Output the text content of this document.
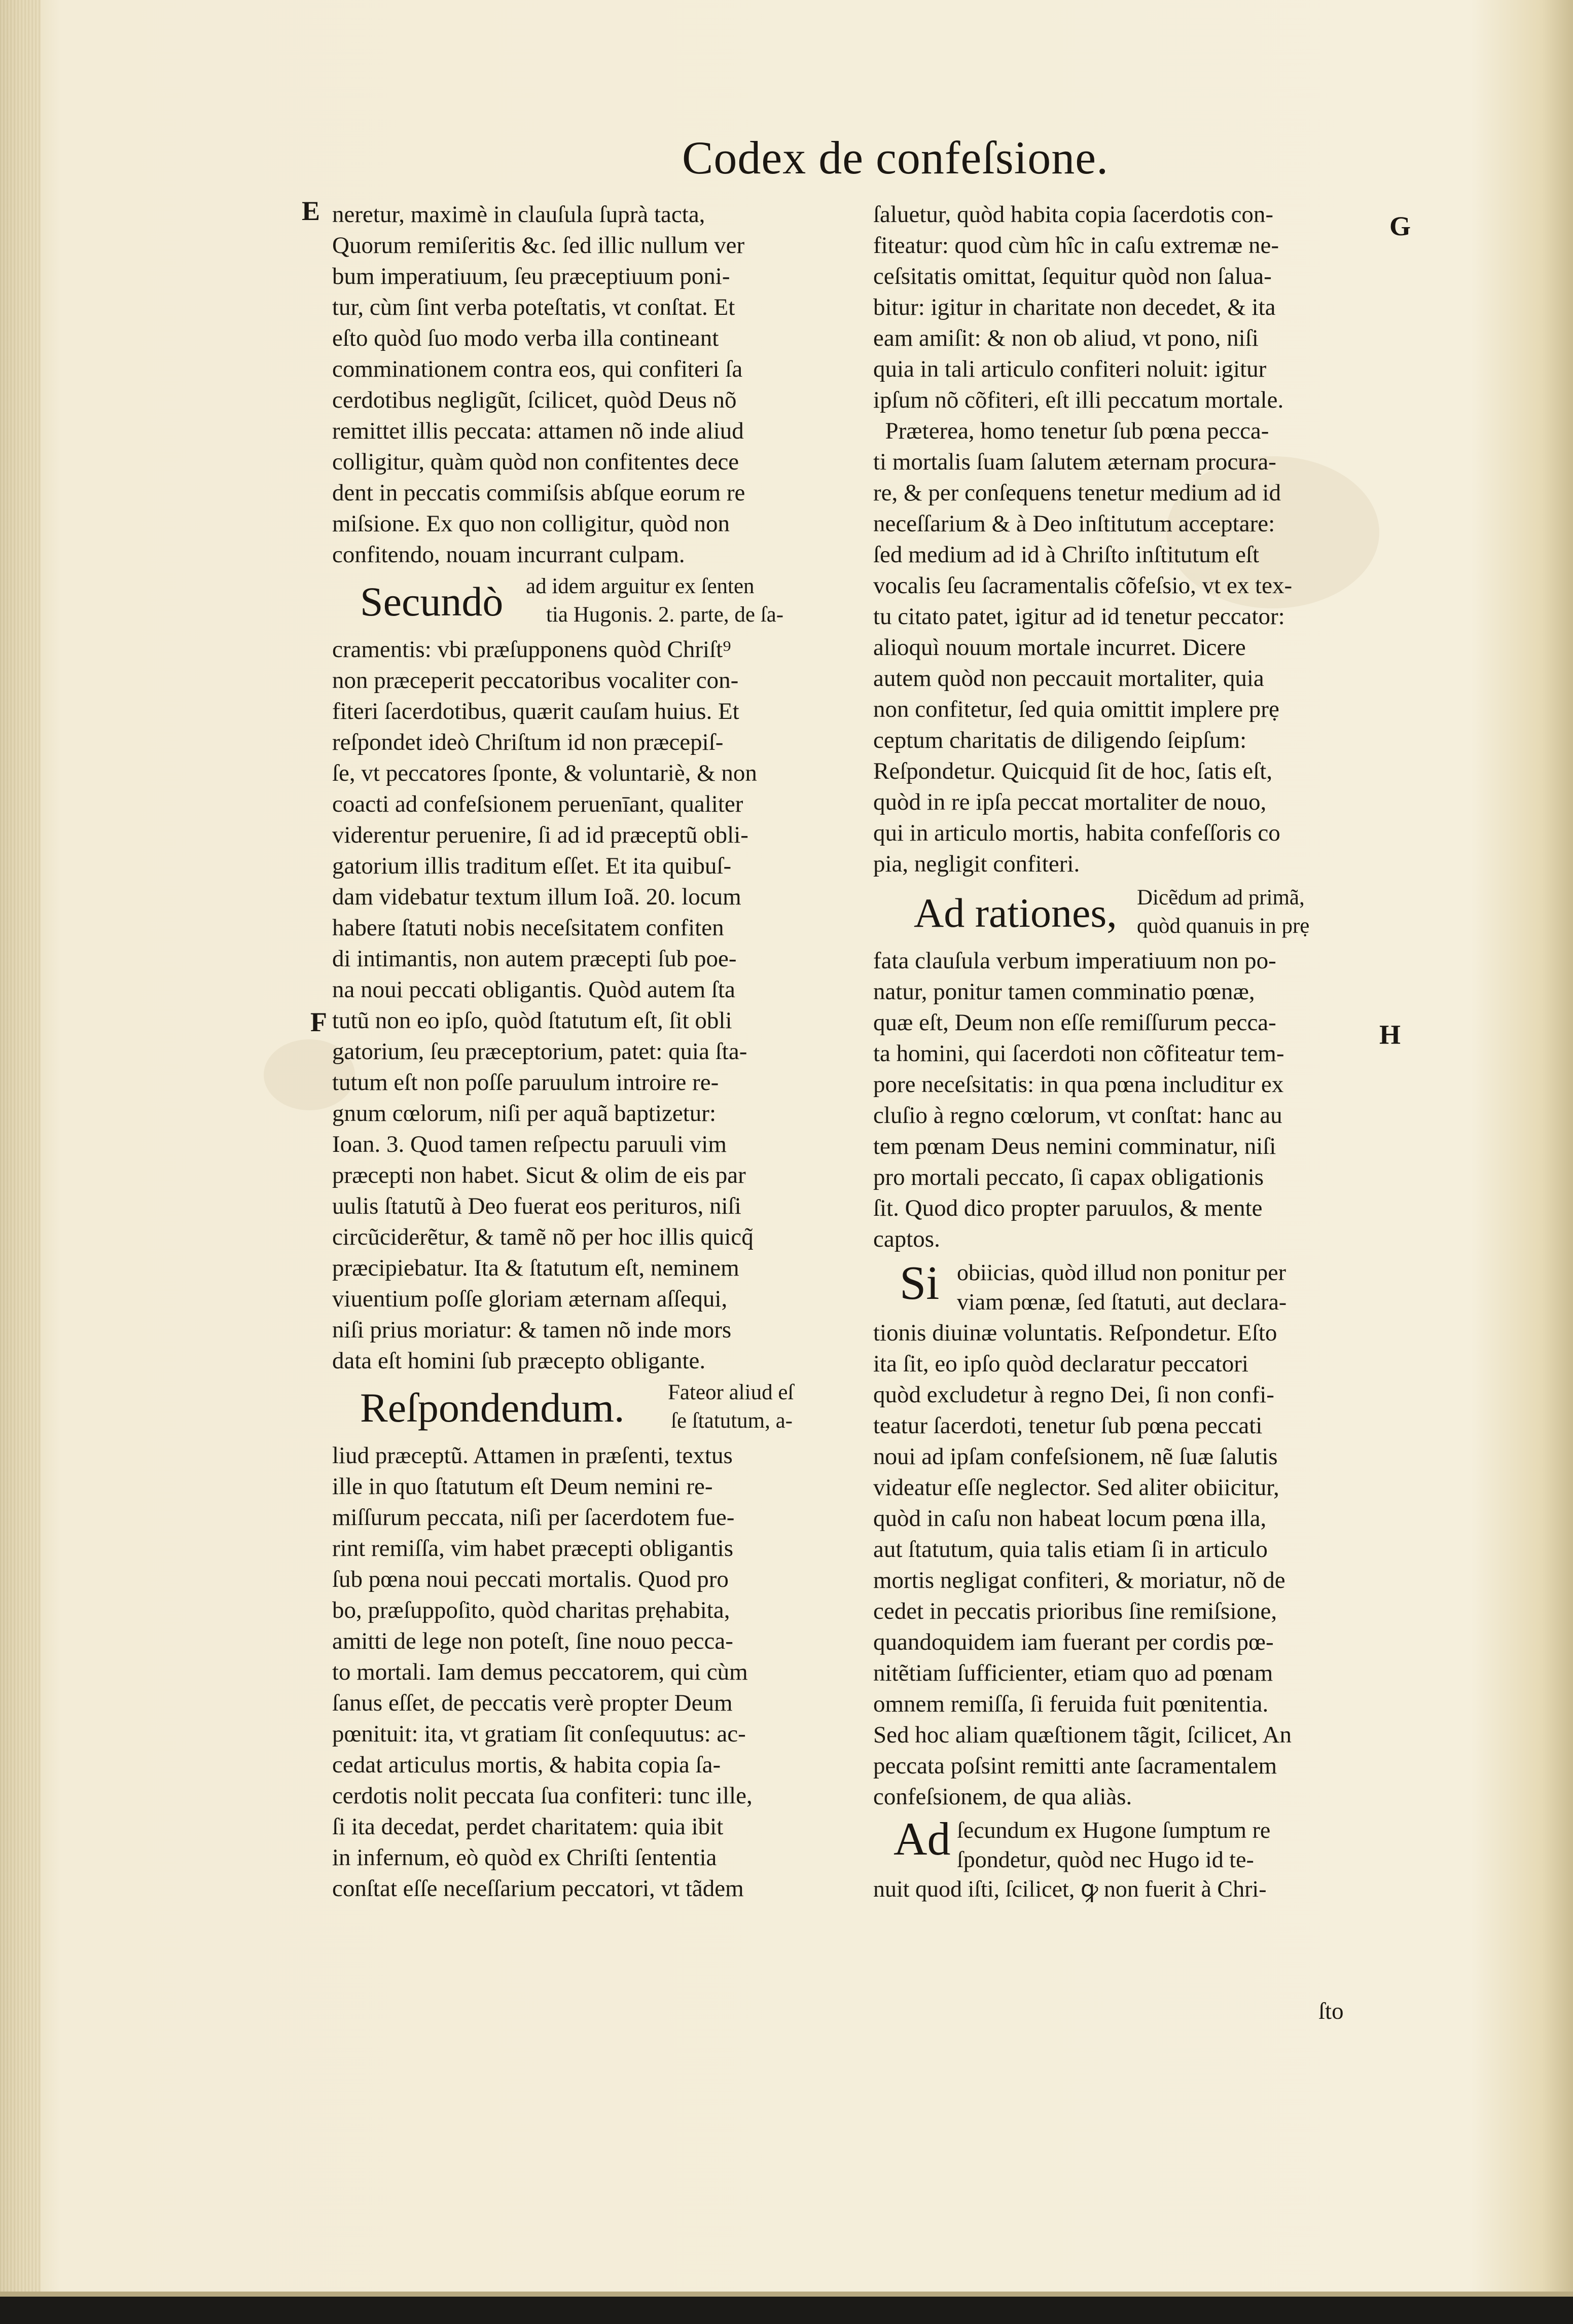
Codex de confeſsione.
E
F
G
H

neretur, maximè in clauſula ſuprà tacta,

Quorum remiſeritis &c. ſed illic nullum ver

bum imperatiuum, ſeu præceptiuum poni-

tur, cùm ſint verba poteſtatis, vt conſtat. Et

eſto quòd ſuo modo verba illa contineant

comminationem contra eos, qui confiteri ſa

cerdotibus negligũt, ſcilicet, quòd Deus nõ

remittet illis peccata: attamen nõ inde aliud

colligitur, quàm quòd non confitentes dece

dent in peccatis commiſsis abſque eorum re

miſsione. Ex quo non colligitur, quòd non

confitendo, nouam incurrant culpam.

Secundò ad idem arguitur ex ſenten

tia Hugonis. 2. parte, de ſa-

cramentis: vbi præſupponens quòd Chriſt⁹

non præceperit peccatoribus vocaliter con-

fiteri ſacerdotibus, quærit cauſam huius. Et

reſpondet ideò Chriſtum id non præcepiſ-

ſe, vt peccatores ſponte, & voluntariè, & non

coacti ad confeſsionem peruenīant, qualiter

viderentur peruenire, ſi ad id præceptũ obli-

gatorium illis traditum eſſet. Et ita quibuſ-

dam videbatur textum illum Ioã. 20. locum

habere ſtatuti nobis neceſsitatem confiten

di intimantis, non autem præcepti ſub poe-

na noui peccati obligantis. Quòd autem ſta

tutũ non eo ipſo, quòd ſtatutum eſt, ſit obli

gatorium, ſeu præceptorium, patet: quia ſta-

tutum eſt non poſſe paruulum introire re-

gnum cœlorum, niſi per aquã baptizetur:

Ioan. 3. Quod tamen reſpectu paruuli vim

præcepti non habet. Sicut & olim de eis par

uulis ſtatutũ à Deo fuerat eos perituros, niſi

circũciderẽtur, & tamẽ nõ per hoc illis quicq̃

præcipiebatur. Ita & ſtatutum eſt, neminem

viuentium poſſe gloriam æternam aſſequi,

niſi prius moriatur: & tamen nõ inde mors

data eſt homini ſub præcepto obligante.

Reſpondendum. Fateor aliud eſ

ſe ſtatutum, a-

liud præceptũ. Attamen in præſenti, textus

ille in quo ſtatutum eſt Deum nemini re-

miſſurum peccata, niſi per ſacerdotem fue-

rint remiſſa, vim habet præcepti obligantis

ſub pœna noui peccati mortalis. Quod pro

bo, præſuppoſito, quòd charitas prẹhabita,

amitti de lege non poteſt, ſine nouo pecca-

to mortali. Iam demus peccatorem, qui cùm

ſanus eſſet, de peccatis verè propter Deum

pœnituit: ita, vt gratiam ſit conſequutus: ac-

cedat articulus mortis, & habita copia ſa-

cerdotis nolit peccata ſua confiteri: tunc ille,

ſi ita decedat, perdet charitatem: quia ibit

in infernum, eò quòd ex Chriſti ſententia

conſtat eſſe neceſſarium peccatori, vt tãdem

ſaluetur, quòd habita copia ſacerdotis con-

fiteatur: quod cùm hîc in caſu extremæ ne-

ceſsitatis omittat, ſequitur quòd non ſalua-

bitur: igitur in charitate non decedet, & ita

eam amiſit: & non ob aliud, vt pono, niſi

quia in tali articulo confiteri noluit: igitur

ipſum nõ cõfiteri, eſt illi peccatum mortale.

Præterea, homo tenetur ſub pœna pecca-

ti mortalis ſuam ſalutem æternam procura-

re, & per conſequens tenetur medium ad id

neceſſarium & à Deo inſtitutum acceptare:

ſed medium ad id à Chriſto inſtitutum eſt

vocalis ſeu ſacramentalis cõfeſsio, vt ex tex-

tu citato patet, igitur ad id tenetur peccator:

alioquì nouum mortale incurret. Dicere

autem quòd non peccauit mortaliter, quia

non confitetur, ſed quia omittit implere prẹ

ceptum charitatis de diligendo ſeipſum:

Reſpondetur. Quicquid ſit de hoc, ſatis eſt,

quòd in re ipſa peccat mortaliter de nouo,

qui in articulo mortis, habita confeſſoris co

pia, negligit confiteri.

Ad rationes, Dicẽdum ad primã,

quòd quanuis in prẹ

fata clauſula verbum imperatiuum non po-

natur, ponitur tamen comminatio pœnæ,

quæ eſt, Deum non eſſe remiſſurum pecca-

ta homini, qui ſacerdoti non cõfiteatur tem-

pore neceſsitatis: in qua pœna includitur ex

cluſio à regno cœlorum, vt conſtat: hanc au

tem pœnam Deus nemini comminatur, niſi

pro mortali peccato, ſi capax obligationis

ſit. Quod dico propter paruulos, & mente

captos.

Si obiicias, quòd illud non ponitur per

viam pœnæ, ſed ſtatuti, aut declara-

tionis diuinæ voluntatis. Reſpondetur. Eſto

ita ſit, eo ipſo quòd declaratur peccatori

quòd excludetur à regno Dei, ſi non confi-

teatur ſacerdoti, tenetur ſub pœna peccati

noui ad ipſam confeſsionem, nẽ ſuæ ſalutis

videatur eſſe neglector. Sed aliter obiicitur,

quòd in caſu non habeat locum pœna illa,

aut ſtatutum, quia talis etiam ſi in articulo

mortis negligat confiteri, & moriatur, nõ de

cedet in peccatis prioribus ſine remiſsione,

quandoquidem iam fuerant per cordis pœ-

nitẽtiam ſufficienter, etiam quo ad pœnam

omnem remiſſa, ſi feruida fuit pœnitentia.

Sed hoc aliam quæſtionem tãgit, ſcilicet, An

peccata poſsint remitti ante ſacramentalem

confeſsionem, de qua aliàs.

Ad ſecundum ex Hugone ſumptum re

ſpondetur, quòd nec Hugo id te-

nuit quod iſti, ſcilicet, ꝙ non fuerit à Chri-

ſto
